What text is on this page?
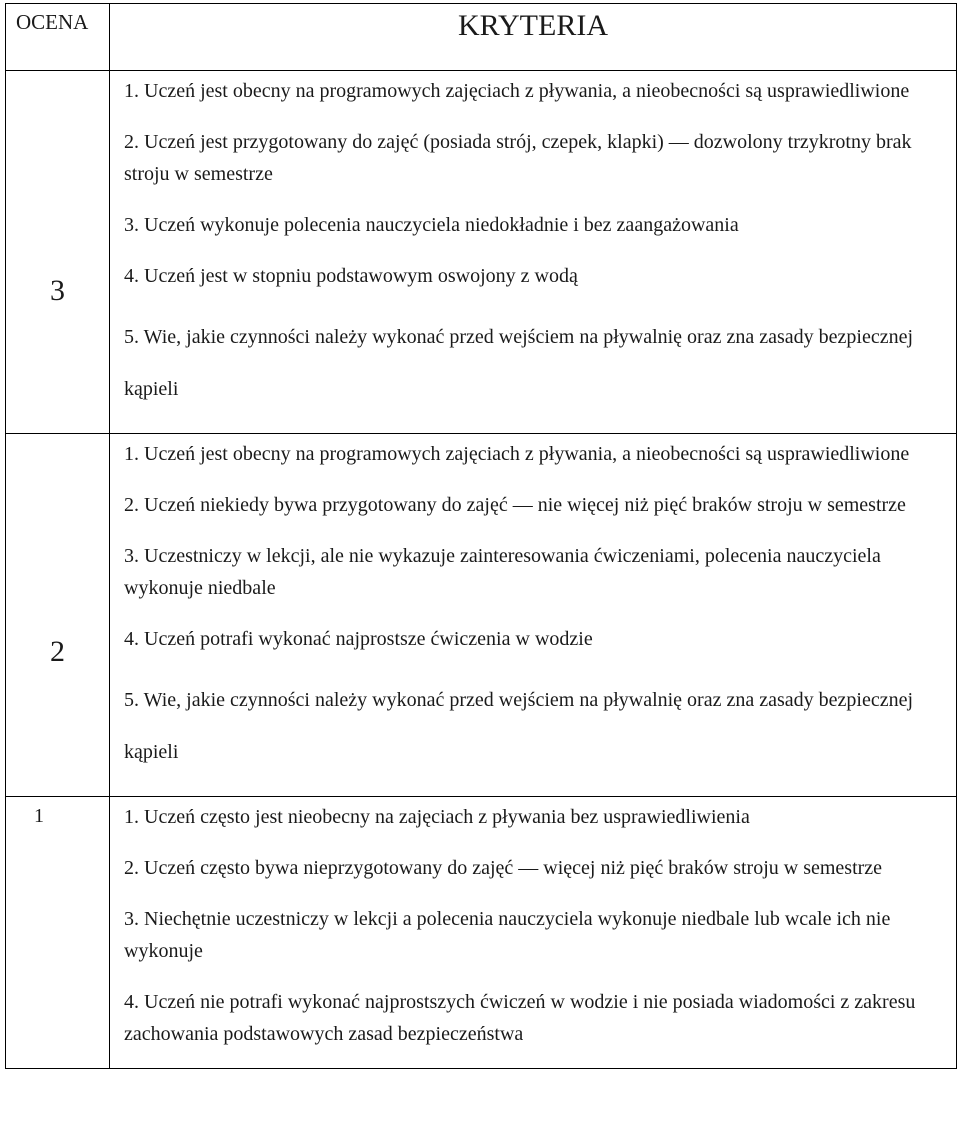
OCENA	KRYTERIA
3	1. Uczeń jest obecny na programowych zajęciach z pływania, a nieobecności są usprawiedliwione
2. Uczeń jest przygotowany do zajęć (posiada strój, czepek, klapki) — dozwolony trzykrotny brak stroju w semestrze
3. Uczeń wykonuje polecenia nauczyciela niedokładnie i bez zaangażowania
4. Uczeń jest w stopniu podstawowym oswojony z wodą
5. Wie, jakie czynności należy wykonać przed wejściem na pływalnię oraz zna zasady bezpiecznej kąpieli

2	1. Uczeń jest obecny na programowych zajęciach z pływania, a nieobecności są usprawiedliwione
2. Uczeń niekiedy bywa przygotowany do zajęć — nie więcej niż pięć braków stroju w semestrze
3. Uczestniczy w lekcji, ale nie wykazuje zainteresowania ćwiczeniami, polecenia nauczyciela wykonuje niedbale
4. Uczeń potrafi wykonać najprostsze ćwiczenia w wodzie
5. Wie, jakie czynności należy wykonać przed wejściem na pływalnię oraz zna zasady bezpiecznej kąpieli

1	1. Uczeń często jest nieobecny na zajęciach z pływania bez usprawiedliwienia
2. Uczeń często bywa nieprzygotowany do zajęć — więcej niż pięć braków stroju w semestrze
3. Niechętnie uczestniczy w lekcji a polecenia nauczyciela wykonuje niedbale lub wcale ich nie wykonuje
4. Uczeń nie potrafi wykonać najprostszych ćwiczeń w wodzie i nie posiada wiadomości z zakresu zachowania podstawowych zasad bezpieczeństwa
